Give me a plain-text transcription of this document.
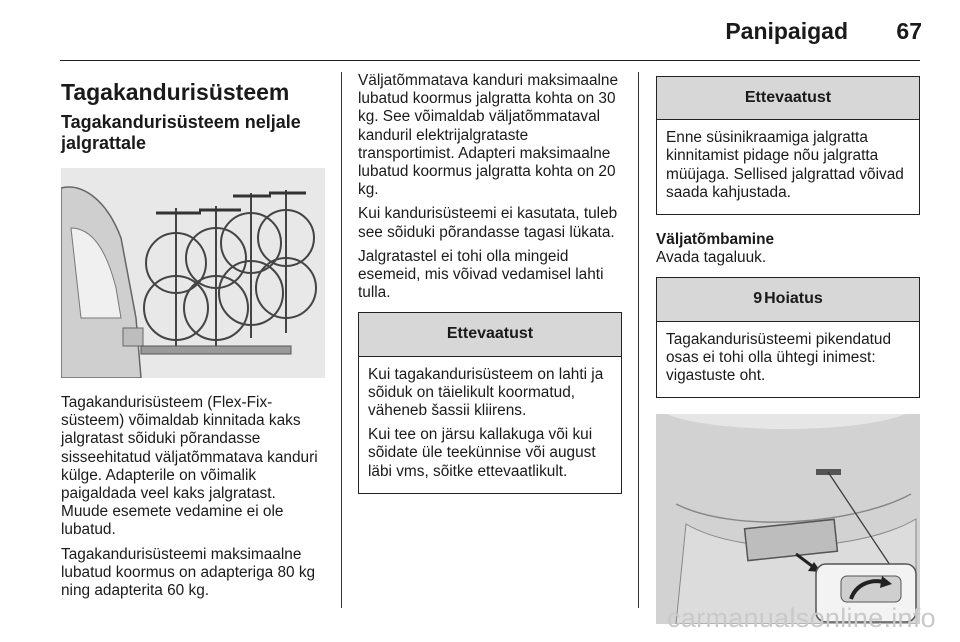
Panipaigad 67
Tagakandurisüsteem
Tagakandurisüsteem neljale jalgrattale

Tagakandurisüsteem (Flex-Fix-süsteem) võimaldab kinnitada kaks jalgratast sõiduki põrandasse sisseehitatud väljatõmmatava kanduri külge. Adapterile on võimalik paigaldada veel kaks jalgratast. Muude esemete vedamine ei ole lubatud.

Tagakandurisüsteemi maksimaalne lubatud koormus on adapteriga 80 kg ning adapterita 60 kg.

Väljatõmmatava kanduri maksimaalne lubatud koormus jalgratta kohta on 30 kg. See võimaldab väljatõmmataval kanduril elektrijalgrataste transportimist. Adapteri maksimaalne lubatud koormus jalgratta kohta on 20 kg.

Kui kandurisüsteemi ei kasutata, tuleb see sõiduki põrandasse tagasi lükata.

Jalgratastel ei tohi olla mingeid esemeid, mis võivad vedamisel lahti tulla.

Ettevaatust

Kui tagakandurisüsteem on lahti ja sõiduk on täielikult koormatud, väheneb šassii kliirens.

Kui tee on järsu kallakuga või kui sõidate üle teekünnise või august läbi vms, sõitke ettevaatlikult.

Ettevaatust

Enne süsinikraamiga jalgratta kinnitamist pidage nõu jalgratta müüjaga. Sellised jalgrattad võivad saada kahjustada.

Väljatõmbamine

Avada tagaluuk.

9 Hoiatus

Tagakandurisüsteemi pikendatud osas ei tohi olla ühtegi inimest: vigastuste oht.

carmanualsonline.info
